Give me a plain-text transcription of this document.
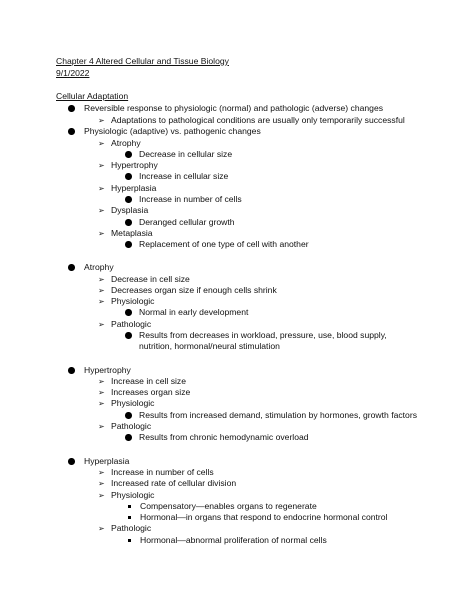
Chapter 4 Altered Cellular and Tissue Biology
9/1/2022
Cellular Adaptation
Reversible response to physiologic (normal) and pathologic (adverse) changes
➢ Adaptations to pathological conditions are usually only temporarily successful
Physiologic (adaptive) vs. pathogenic changes
➢ Atrophy
Decrease in cellular size
➢ Hypertrophy
Increase in cellular size
➢ Hyperplasia
Increase in number of cells
➢ Dysplasia
Deranged cellular growth
➢ Metaplasia
Replacement of one type of cell with another
Atrophy
➢ Decrease in cell size
➢ Decreases organ size if enough cells shrink
➢ Physiologic
Normal in early development
➢ Pathologic
Results from decreases in workload, pressure, use, blood supply,
nutrition, hormonal/neural stimulation
Hypertrophy
➢ Increase in cell size
➢ Increases organ size
➢ Physiologic
Results from increased demand, stimulation by hormones, growth factors
➢ Pathologic
Results from chronic hemodynamic overload
Hyperplasia
➢ Increase in number of cells
➢ Increased rate of cellular division
➢ Physiologic
Compensatory—enables organs to regenerate
Hormonal—in organs that respond to endocrine hormonal control
➢ Pathologic
Hormonal—abnormal proliferation of normal cells
